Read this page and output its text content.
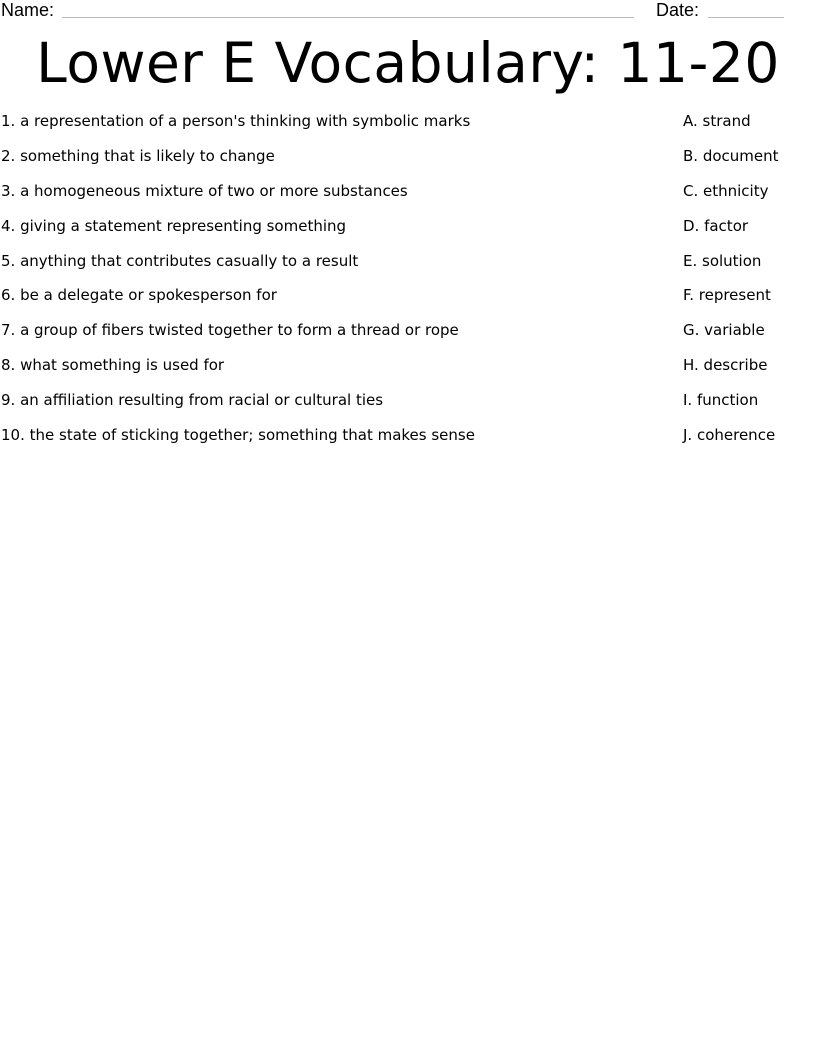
Name:	Date:
Lower E Vocabulary: 11-20
1. a representation of a person's thinking with symbolic marks	A. strand
2. something that is likely to change	B. document
3. a homogeneous mixture of two or more substances	C. ethnicity
4. giving a statement representing something	D. factor
5. anything that contributes casually to a result	E. solution
6. be a delegate or spokesperson for	F. represent
7. a group of fibers twisted together to form a thread or rope	G. variable
8. what something is used for	H. describe
9. an affiliation resulting from racial or cultural ties	I. function
10. the state of sticking together; something that makes sense	J. coherence
